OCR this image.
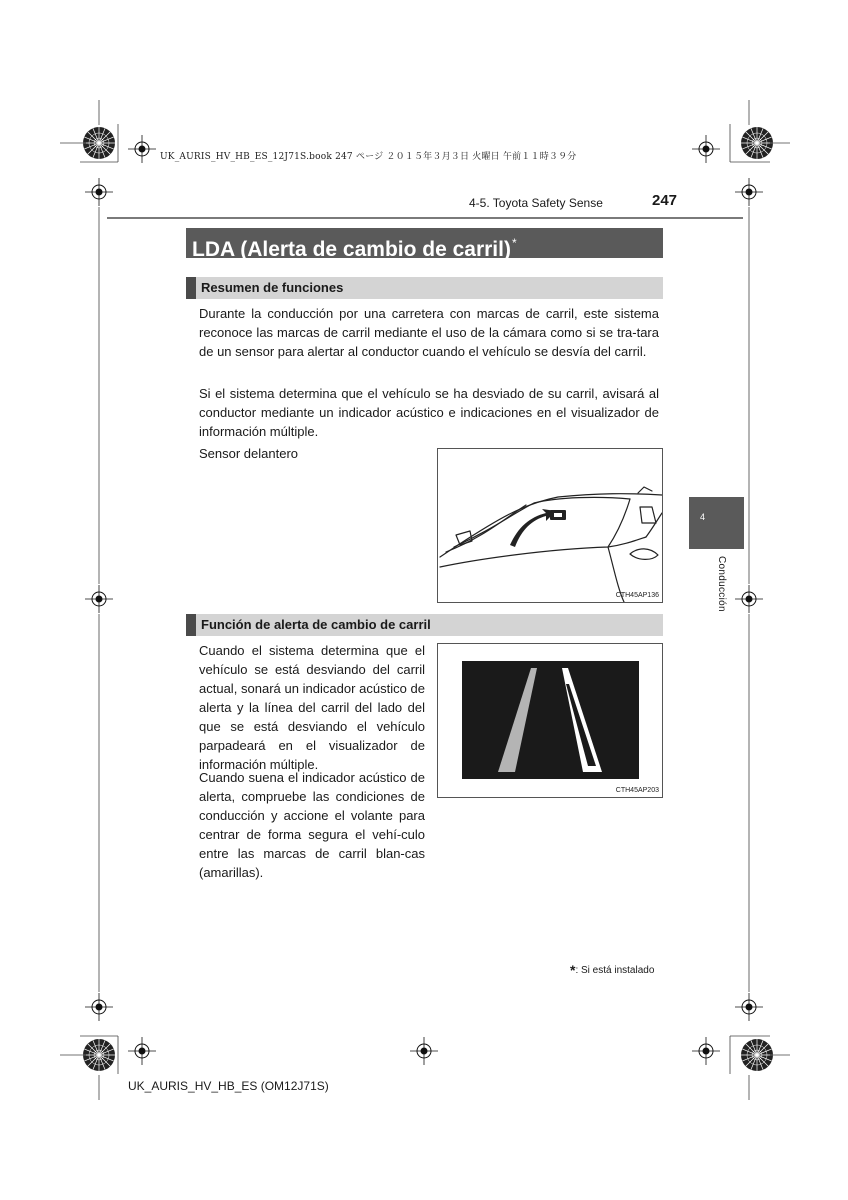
UK_AURIS_HV_HB_ES_12J71S.book 247 ページ ２０１５年３月３日 火曜日 午前１１時３９分
4-5. Toyota Safety Sense	247
LDA (Alerta de cambio de carril)*
Resumen de funciones
Durante la conducción por una carretera con marcas de carril, este sistema reconoce las marcas de carril mediante el uso de la cámara como si se tra-tara de un sensor para alertar al conductor cuando el vehículo se desvía del carril.
Si el sistema determina que el vehículo se ha desviado de su carril, avisará al conductor mediante un indicador acústico e indicaciones en el visualizador de información múltiple.
Sensor delantero
CTH45AP136
Función de alerta de cambio de carril
Cuando el sistema determina que el vehículo se está desviando del carril actual, sonará un indicador acústico de alerta y la línea del carril del lado del que se está desviando el vehículo parpadeará en el visualizador de información múltiple.
Cuando suena el indicador acústico de alerta, compruebe las condiciones de conducción y accione el volante para centrar de forma segura el vehí-culo entre las marcas de carril blan-cas (amarillas).
CTH45AP203
4
Conducción
*: Si está instalado
UK_AURIS_HV_HB_ES (OM12J71S)
